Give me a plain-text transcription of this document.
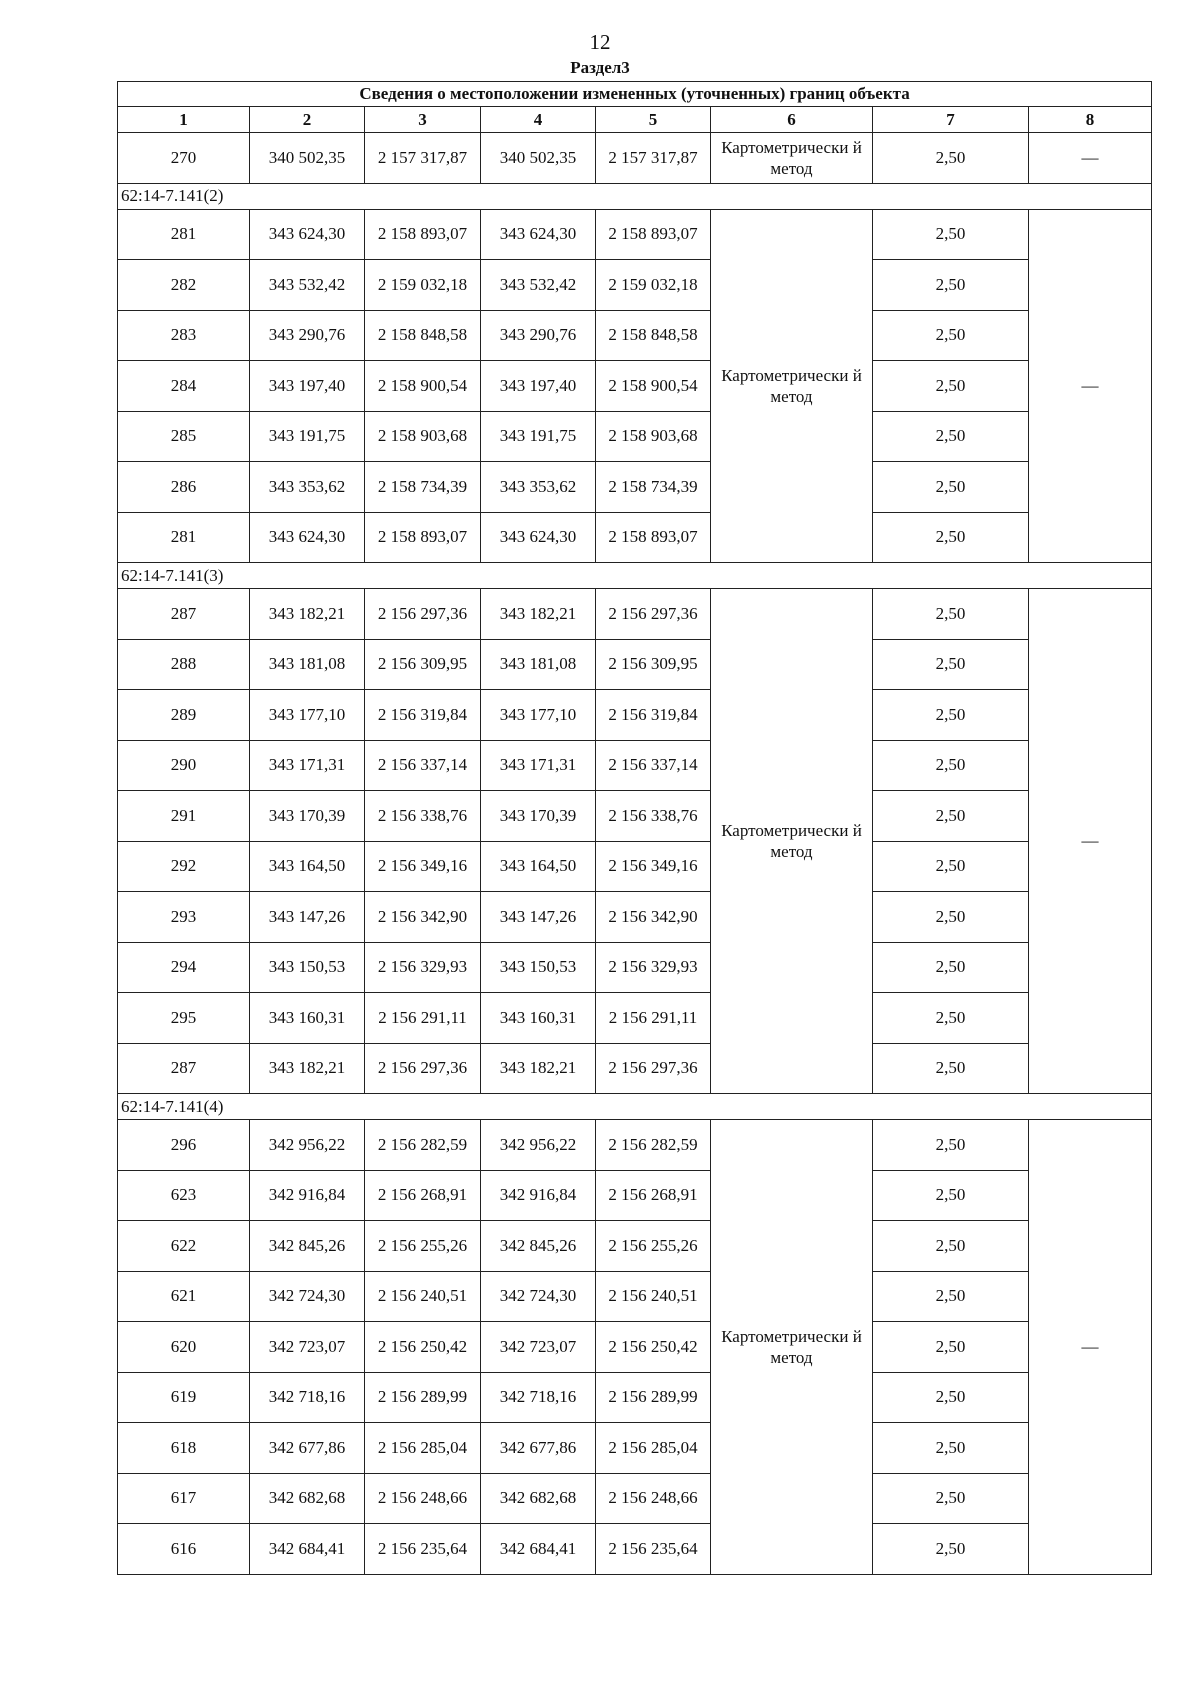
12
Раздел3
Сведения о местоположении измененных (уточненных) границ объекта							
1	2	3	4	5	6	7	8
270	340 502,35	2 157 317,87	340 502,35	2 157 317,87	Картометрически й метод	2,50	—
62:14-7.141(2)							
281	343 624,30	2 158 893,07	343 624,30	2 158 893,07	Картометрически й метод	2,50	—
282	343 532,42	2 159 032,18	343 532,42	2 159 032,18		2,50	
283	343 290,76	2 158 848,58	343 290,76	2 158 848,58		2,50	
284	343 197,40	2 158 900,54	343 197,40	2 158 900,54		2,50	
285	343 191,75	2 158 903,68	343 191,75	2 158 903,68		2,50	
286	343 353,62	2 158 734,39	343 353,62	2 158 734,39		2,50	
281	343 624,30	2 158 893,07	343 624,30	2 158 893,07		2,50	
62:14-7.141(3)							
287	343 182,21	2 156 297,36	343 182,21	2 156 297,36	Картометрически й метод	2,50	—
288	343 181,08	2 156 309,95	343 181,08	2 156 309,95		2,50	
289	343 177,10	2 156 319,84	343 177,10	2 156 319,84		2,50	
290	343 171,31	2 156 337,14	343 171,31	2 156 337,14		2,50	
291	343 170,39	2 156 338,76	343 170,39	2 156 338,76		2,50	
292	343 164,50	2 156 349,16	343 164,50	2 156 349,16		2,50	
293	343 147,26	2 156 342,90	343 147,26	2 156 342,90		2,50	
294	343 150,53	2 156 329,93	343 150,53	2 156 329,93		2,50	
295	343 160,31	2 156 291,11	343 160,31	2 156 291,11		2,50	
287	343 182,21	2 156 297,36	343 182,21	2 156 297,36		2,50	
62:14-7.141(4)							
296	342 956,22	2 156 282,59	342 956,22	2 156 282,59	Картометрически й метод	2,50	—
623	342 916,84	2 156 268,91	342 916,84	2 156 268,91		2,50	
622	342 845,26	2 156 255,26	342 845,26	2 156 255,26		2,50	
621	342 724,30	2 156 240,51	342 724,30	2 156 240,51		2,50	
620	342 723,07	2 156 250,42	342 723,07	2 156 250,42		2,50	
619	342 718,16	2 156 289,99	342 718,16	2 156 289,99		2,50	
618	342 677,86	2 156 285,04	342 677,86	2 156 285,04		2,50	
617	342 682,68	2 156 248,66	342 682,68	2 156 248,66		2,50	
616	342 684,41	2 156 235,64	342 684,41	2 156 235,64		2,50	
